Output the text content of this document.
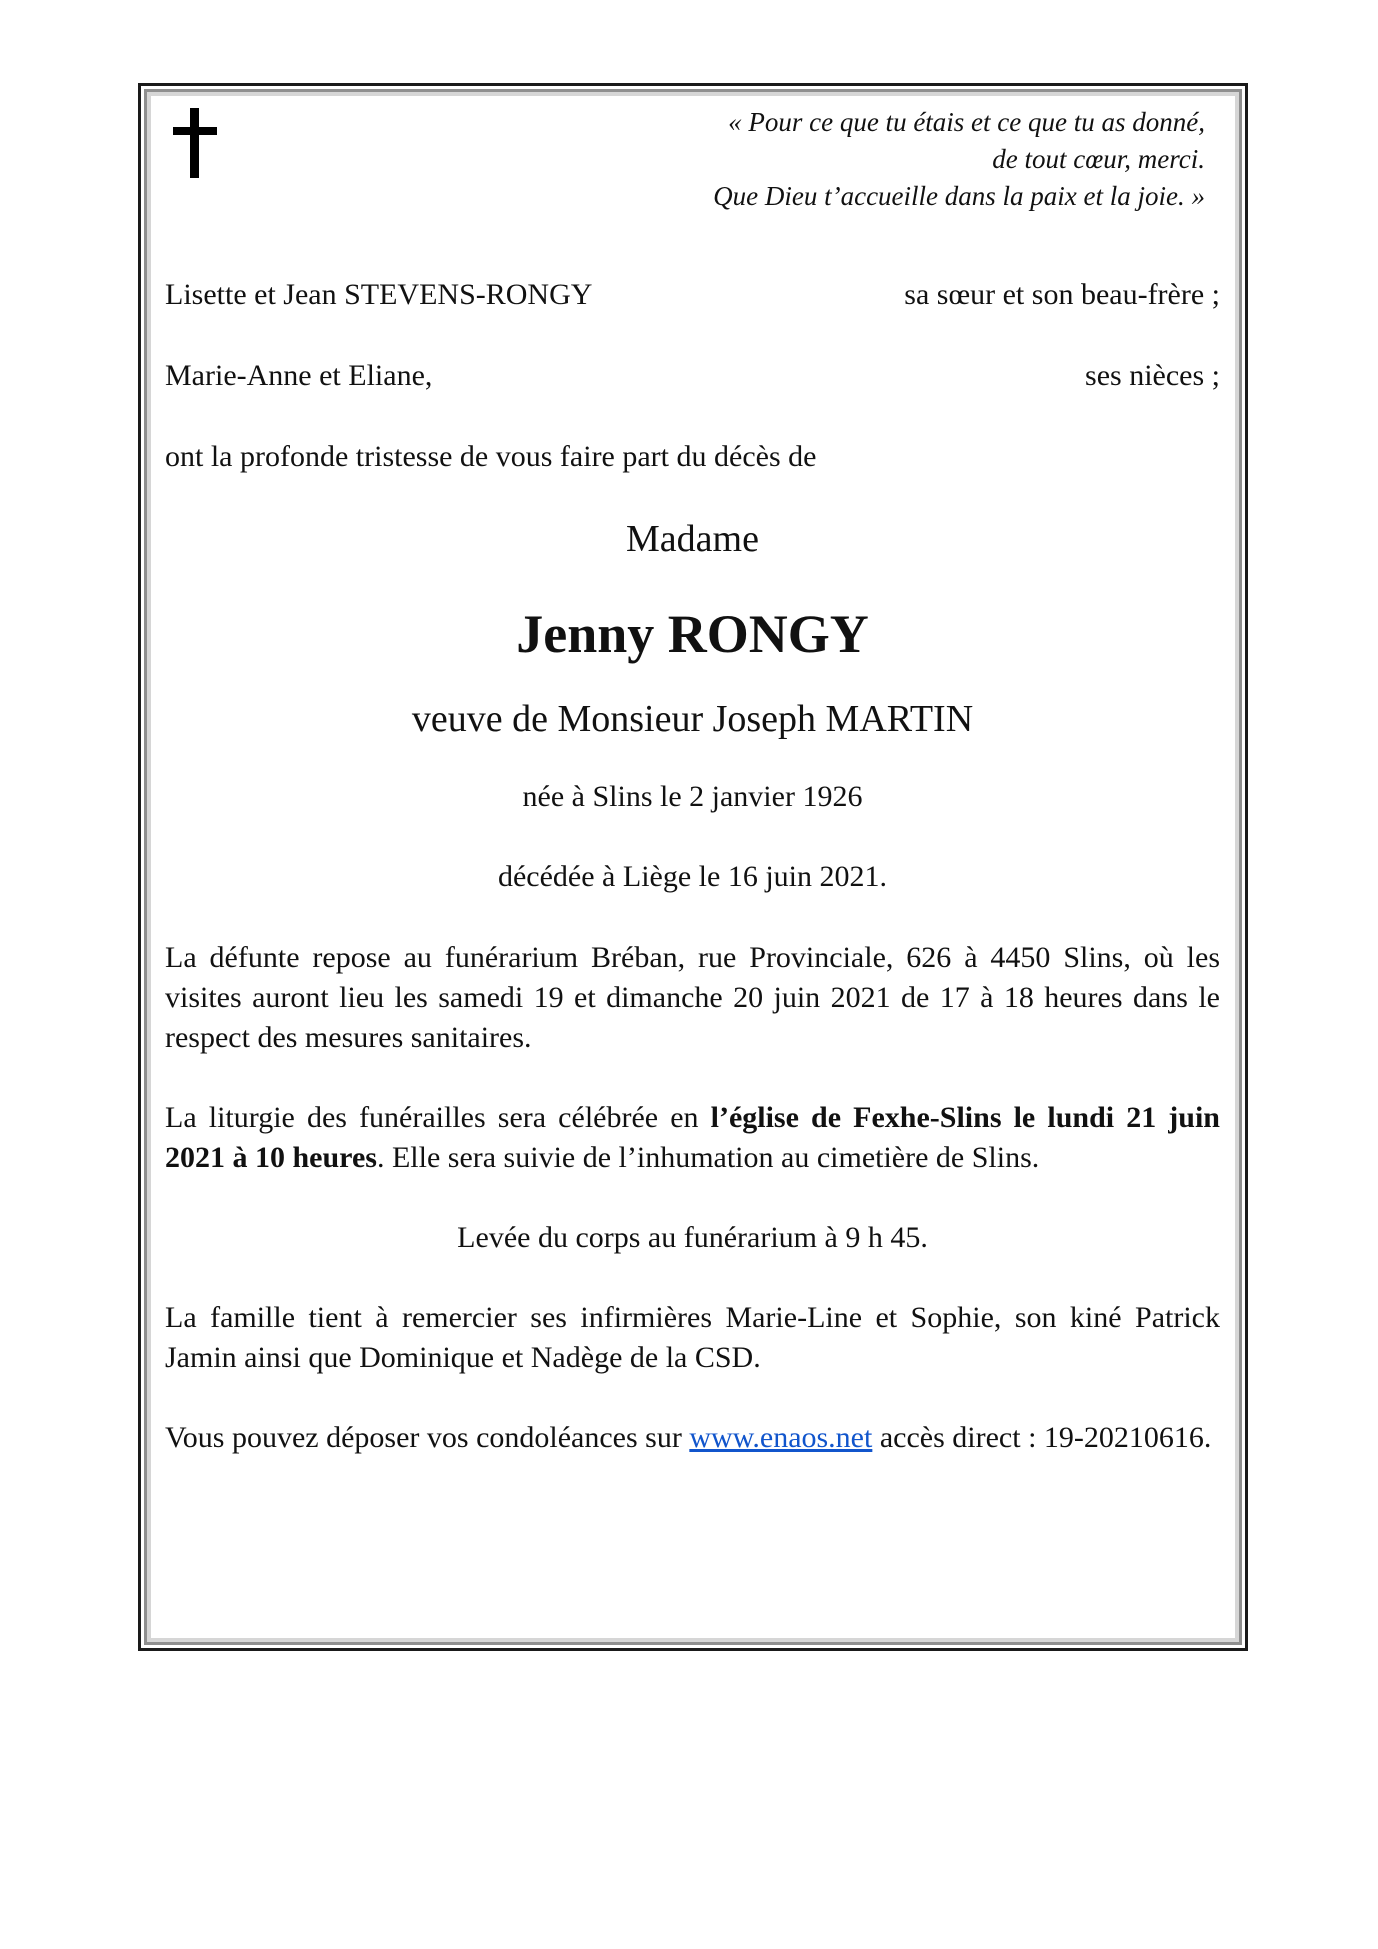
« Pour ce que tu étais et ce que tu as donné,
de tout cœur, merci.
Que Dieu t’accueille dans la paix et la joie. »
Lisette et Jean STEVENS-RONGY	sa sœur et son beau-frère ;
Marie-Anne et Eliane,	ses nièces ;

ont la profonde tristesse de vous faire part du décès de

Madame

Jenny RONGY

veuve de Monsieur Joseph MARTIN

née à Slins le 2 janvier 1926

décédée à Liège le 16 juin 2021.

La défunte repose au funérarium Bréban, rue Provinciale, 626 à 4450 Slins, où les visites auront lieu les samedi 19 et dimanche 20 juin 2021 de 17 à 18 heures dans le respect des mesures sanitaires.

La liturgie des funérailles sera célébrée en l’église de Fexhe-Slins le lundi 21 juin 2021 à 10 heures. Elle sera suivie de l’inhumation au cimetière de Slins.

Levée du corps au funérarium à 9 h 45.

La famille tient à remercier ses infirmières Marie-Line et Sophie, son kiné Patrick Jamin ainsi que Dominique et Nadège de la CSD.

Vous pouvez déposer vos condoléances sur www.enaos.net accès direct : 19-20210616.
